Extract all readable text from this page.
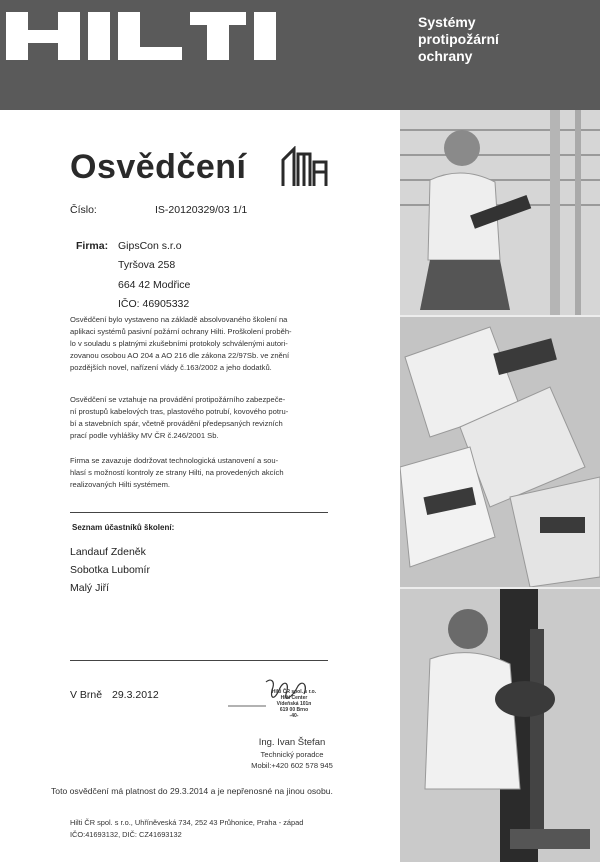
Systémy
protipožární
ochrany
Osvědčení
Číslo:	IS-20120329/03 1/1
Firma: GipsCon s.r.o
Tyršova 258
664 42 Modřice
IČO: 46905332
Osvědčení bylo vystaveno na základě absolvovaného školení na
aplikaci systémů pasivní požární ochrany Hilti. Proškolení proběh-
lo v souladu s platnými zkušebními protokoly schválenými autori-
zovanou osobou AO 204 a AO 216 dle zákona 22/97Sb. ve znění
pozdějších novel, nařízení vlády č.163/2002 a jeho dodatků.
Osvědčení se vztahuje na provádění protipožárního zabezpeče-
ní prostupů kabelových tras, plastového potrubí, kovového potru-
bí a stavebních spár, včetně provádění předepsaných revizních
prací podle vyhlášky MV ČR č.246/2001 Sb.
Firma se zavazuje dodržovat technologická ustanovení a sou-
hlasí s možností kontroly ze strany Hilti, na provedených akcích
realizovaných Hilti systémem.
Seznam účastníků školení:
Landauf Zdeněk
Sobotka Lubomír
Malý Jiří
V Brně 29.3.2012	Hilti ČR spol. s r.o.
Hilti Center
Vídeňská 101n
619 00 Brno
-40-
Ing. Ivan Štefan
Technický poradce
Mobil:+420 602 578 945
Toto osvědčení má platnost do 29.3.2014 a je nepřenosné na jinou osobu.
Hilti ČR spol. s r.o., Uhříněveská 734, 252 43 Průhonice, Praha - západ
IČO:41693132, DIČ: CZ41693132
